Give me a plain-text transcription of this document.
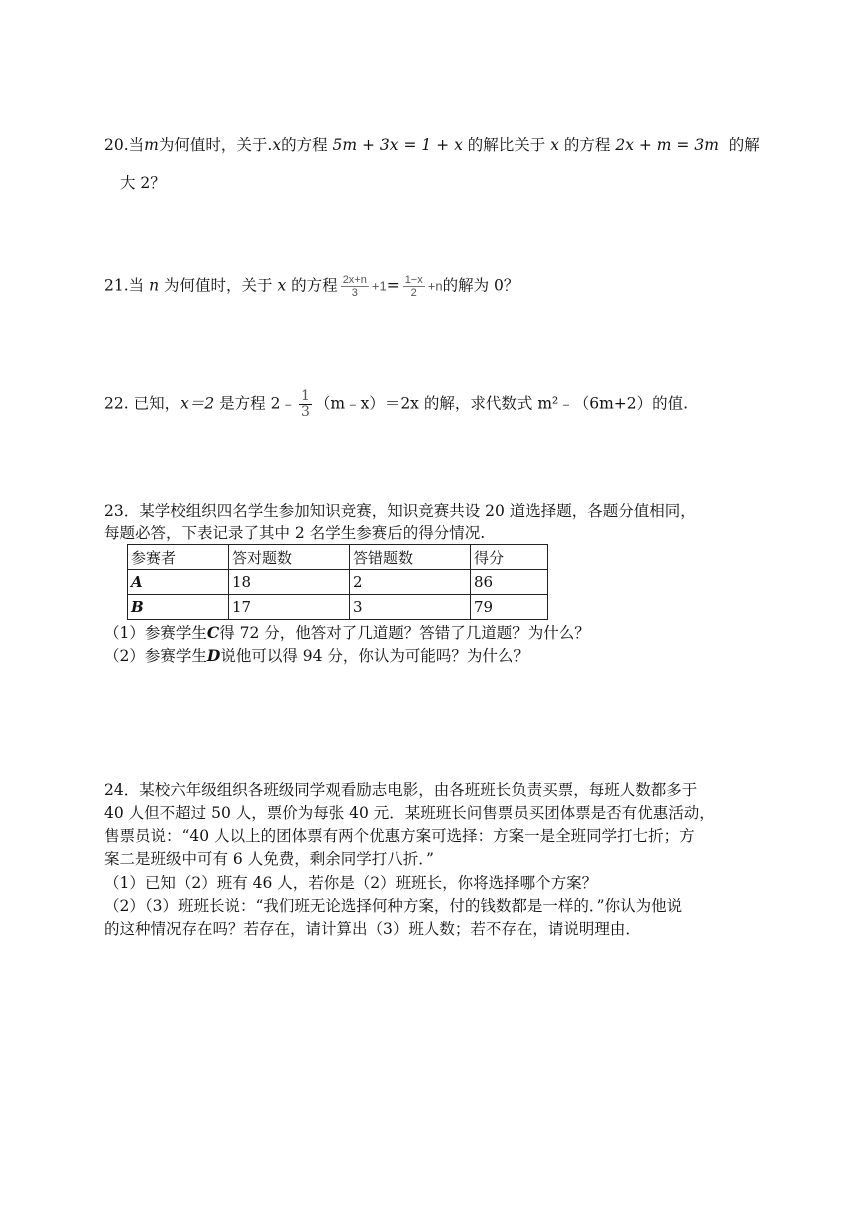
20.当m为何值时，关于.x的方程 5m + 3x = 1 + x 的解比关于 x 的方程 2x + m = 3m 的解
大 2？
21.当 n 为何值时，关于 x 的方程 $\frac{2x+n}{3} +1= \frac{1-x}{2} +n$的解为 0？
22. 已知，x＝2 是方程 2﹣ $\frac{1}{3}$ （m﹣x）＝2x 的解，求代数式 m²﹣（6m+2）的值.
23．某学校组织四名学生参加知识竞赛，知识竞赛共设 20 道选择题，各题分值相同，
每题必答，下表记录了其中 2 名学生参赛后的得分情况.
参赛者	答对题数	答错题数	得分
A	18	2	86
B	17	3	79
（1）参赛学生C得 72 分，他答对了几道题？答错了几道题？为什么？
（2）参赛学生D说他可以得 94 分，你认为可能吗？为什么？
24．某校六年级组织各班级同学观看励志电影，由各班班长负责买票，每班人数都多于
40 人但不超过 50 人，票价为每张 40 元．某班班长问售票员买团体票是否有优惠活动，
售票员说：“40 人以上的团体票有两个优惠方案可选择：方案一是全班同学打七折；方
案二是班级中可有 6 人免费，剩余同学打八折．”
（1）已知（2）班有 46 人，若你是（2）班班长，你将选择哪个方案？
（2）（3）班班长说：“我们班无论选择何种方案，付的钱数都是一样的．”你认为他说
的这种情况存在吗？若存在，请计算出（3）班人数；若不存在，请说明理由．
